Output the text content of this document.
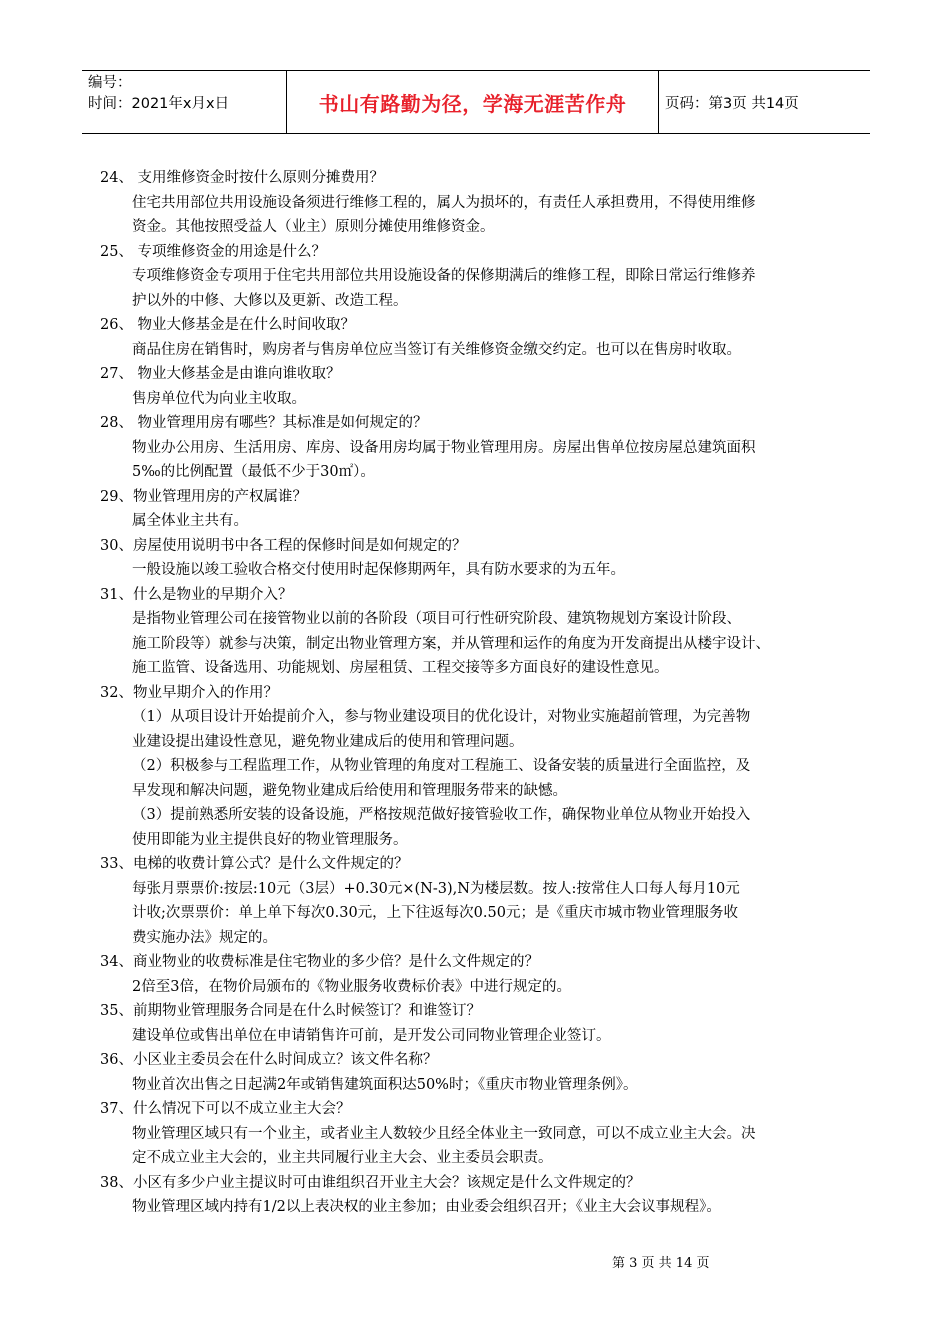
编号：
时间：2021年x月x日	书山有路勤为径，学海无涯苦作舟	页码：第3页 共14页
24、 支用维修资金时按什么原则分摊费用？
住宅共用部位共用设施设备须进行维修工程的，属人为损坏的，有责任人承担费用，不得使用维修
资金。其他按照受益人（业主）原则分摊使用维修资金。
25、 专项维修资金的用途是什么？
专项维修资金专项用于住宅共用部位共用设施设备的保修期满后的维修工程，即除日常运行维修养
护以外的中修、大修以及更新、改造工程。
26、 物业大修基金是在什么时间收取？
商品住房在销售时，购房者与售房单位应当签订有关维修资金缴交约定。也可以在售房时收取。
27、 物业大修基金是由谁向谁收取？
售房单位代为向业主收取。
28、 物业管理用房有哪些？其标准是如何规定的？
物业办公用房、生活用房、库房、设备用房均属于物业管理用房。房屋出售单位按房屋总建筑面积
5‰的比例配置（最低不少于30㎡）。
29、物业管理用房的产权属谁？
属全体业主共有。
30、房屋使用说明书中各工程的保修时间是如何规定的？
一般设施以竣工验收合格交付使用时起保修期两年，具有防水要求的为五年。
31、什么是物业的早期介入？
是指物业管理公司在接管物业以前的各阶段（项目可行性研究阶段、建筑物规划方案设计阶段、
施工阶段等）就参与决策，制定出物业管理方案，并从管理和运作的角度为开发商提出从楼宇设计、
施工监管、设备选用、功能规划、房屋租赁、工程交接等多方面良好的建设性意见。
32、物业早期介入的作用？
（1）从项目设计开始提前介入，参与物业建设项目的优化设计，对物业实施超前管理，为完善物
业建设提出建设性意见，避免物业建成后的使用和管理问题。
（2）积极参与工程监理工作，从物业管理的角度对工程施工、设备安装的质量进行全面监控，及
早发现和解决问题，避免物业建成后给使用和管理服务带来的缺憾。
（3）提前熟悉所安装的设备设施，严格按规范做好接管验收工作，确保物业单位从物业开始投入
使用即能为业主提供良好的物业管理服务。
33、电梯的收费计算公式？是什么文件规定的？
每张月票票价:按层:10元（3层）+0.30元×(N-3),N为楼层数。按人:按常住人口每人每月10元
计收;次票票价：单上单下每次0.30元，上下往返每次0.50元；是《重庆市城市物业管理服务收
费实施办法》规定的。
34、商业物业的收费标准是住宅物业的多少倍？是什么文件规定的？
2倍至3倍，在物价局颁布的《物业服务收费标价表》中进行规定的。
35、前期物业管理服务合同是在什么时候签订？和谁签订？
建设单位或售出单位在申请销售许可前，是开发公司同物业管理企业签订。
36、小区业主委员会在什么时间成立？该文件名称？
物业首次出售之日起满2年或销售建筑面积达50%时；《重庆市物业管理条例》。
37、什么情况下可以不成立业主大会？
物业管理区域只有一个业主，或者业主人数较少且经全体业主一致同意，可以不成立业主大会。决
定不成立业主大会的，业主共同履行业主大会、业主委员会职责。
38、小区有多少户业主提议时可由谁组织召开业主大会？该规定是什么文件规定的？
物业管理区域内持有1/2以上表决权的业主参加；由业委会组织召开；《业主大会议事规程》。
第 3 页 共 14 页
